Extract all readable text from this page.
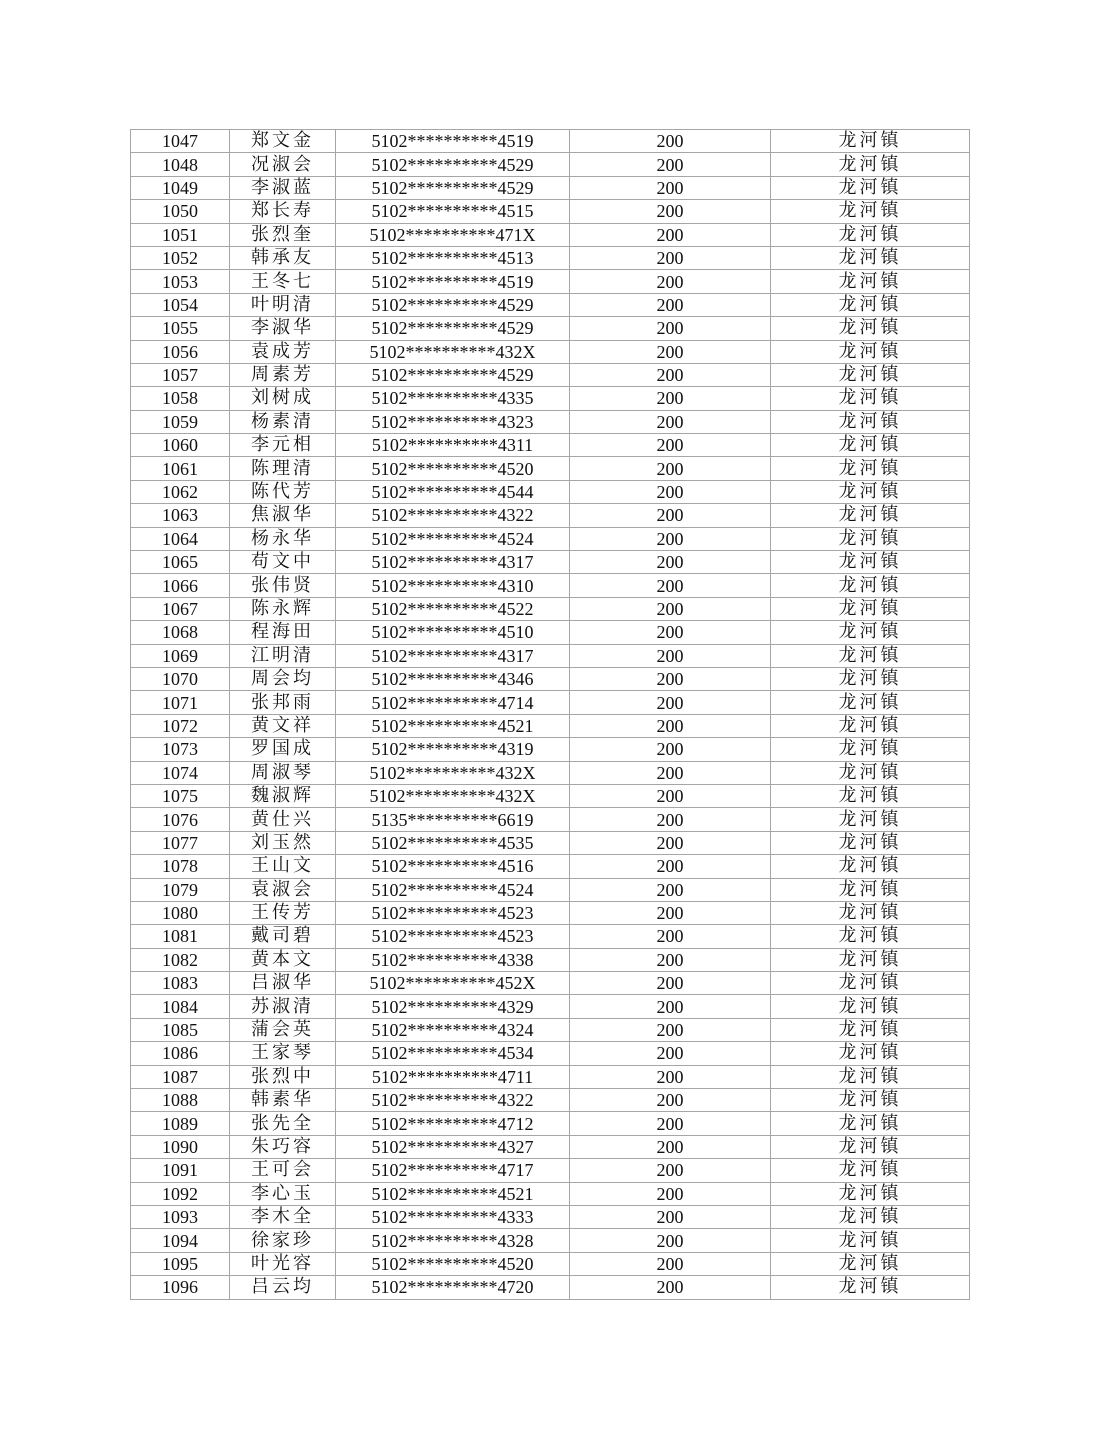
1047	郑文金	5102**********4519	200	龙河镇
1048	况淑会	5102**********4529	200	龙河镇
1049	李淑蓝	5102**********4529	200	龙河镇
1050	郑长寿	5102**********4515	200	龙河镇
1051	张烈奎	5102**********471X	200	龙河镇
1052	韩承友	5102**********4513	200	龙河镇
1053	王冬七	5102**********4519	200	龙河镇
1054	叶明清	5102**********4529	200	龙河镇
1055	李淑华	5102**********4529	200	龙河镇
1056	袁成芳	5102**********432X	200	龙河镇
1057	周素芳	5102**********4529	200	龙河镇
1058	刘树成	5102**********4335	200	龙河镇
1059	杨素清	5102**********4323	200	龙河镇
1060	李元相	5102**********4311	200	龙河镇
1061	陈理清	5102**********4520	200	龙河镇
1062	陈代芳	5102**********4544	200	龙河镇
1063	焦淑华	5102**********4322	200	龙河镇
1064	杨永华	5102**********4524	200	龙河镇
1065	苟文中	5102**********4317	200	龙河镇
1066	张伟贤	5102**********4310	200	龙河镇
1067	陈永辉	5102**********4522	200	龙河镇
1068	程海田	5102**********4510	200	龙河镇
1069	江明清	5102**********4317	200	龙河镇
1070	周会均	5102**********4346	200	龙河镇
1071	张邦雨	5102**********4714	200	龙河镇
1072	黄文祥	5102**********4521	200	龙河镇
1073	罗国成	5102**********4319	200	龙河镇
1074	周淑琴	5102**********432X	200	龙河镇
1075	魏淑辉	5102**********432X	200	龙河镇
1076	黄仕兴	5135**********6619	200	龙河镇
1077	刘玉然	5102**********4535	200	龙河镇
1078	王山文	5102**********4516	200	龙河镇
1079	袁淑会	5102**********4524	200	龙河镇
1080	王传芳	5102**********4523	200	龙河镇
1081	戴司碧	5102**********4523	200	龙河镇
1082	黄本文	5102**********4338	200	龙河镇
1083	吕淑华	5102**********452X	200	龙河镇
1084	苏淑清	5102**********4329	200	龙河镇
1085	蒲会英	5102**********4324	200	龙河镇
1086	王家琴	5102**********4534	200	龙河镇
1087	张烈中	5102**********4711	200	龙河镇
1088	韩素华	5102**********4322	200	龙河镇
1089	张先全	5102**********4712	200	龙河镇
1090	朱巧容	5102**********4327	200	龙河镇
1091	王可会	5102**********4717	200	龙河镇
1092	李心玉	5102**********4521	200	龙河镇
1093	李木全	5102**********4333	200	龙河镇
1094	徐家珍	5102**********4328	200	龙河镇
1095	叶光容	5102**********4520	200	龙河镇
1096	吕云均	5102**********4720	200	龙河镇
